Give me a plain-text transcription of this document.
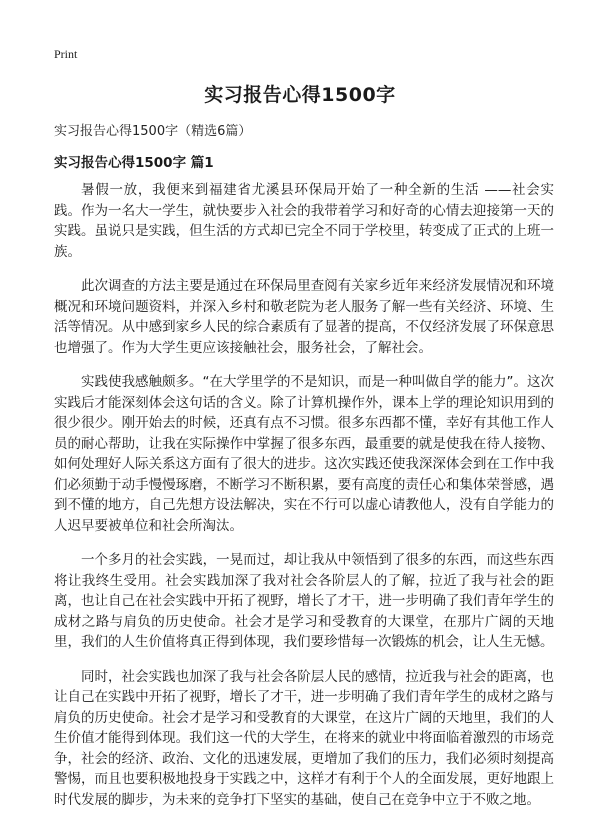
Print
实习报告心得1500字
实习报告心得1500字（精选6篇）
实习报告心得1500字 篇1

暑假一放，我便来到福建省尤溪县环保局开始了一种全新的生活 ——社会实践。作为一名大一学生，就快要步入社会的我带着学习和好奇的心情去迎接第一天的实践。虽说只是实践，但生活的方式却已完全不同于学校里，转变成了正式的上班一族。

此次调查的方法主要是通过在环保局里查阅有关家乡近年来经济发展情况和环境概况和环境问题资料，并深入乡村和敬老院为老人服务了解一些有关经济、环境、生活等情况。从中感到家乡人民的综合素质有了显著的提高，不仅经济发展了环保意思也增强了。作为大学生更应该接触社会，服务社会，了解社会。

实践使我感触颇多。“在大学里学的不是知识，而是一种叫做自学的能力”。这次实践后才能深刻体会这句话的含义。除了计算机操作外，课本上学的理论知识用到的很少很少。刚开始去的时候，还真有点不习惯。很多东西都不懂，幸好有其他工作人员的耐心帮助，让我在实际操作中掌握了很多东西，最重要的就是使我在待人接物、如何处理好人际关系这方面有了很大的进步。这次实践还使我深深体会到在工作中我们必须勤于动手慢慢琢磨，不断学习不断积累，要有高度的责任心和集体荣誉感，遇到不懂的地方，自己先想方设法解决，实在不行可以虚心请教他人，没有自学能力的人迟早要被单位和社会所淘汰。

一个多月的社会实践，一晃而过，却让我从中领悟到了很多的东西，而这些东西将让我终生受用。社会实践加深了我对社会各阶层人的了解，拉近了我与社会的距离，也让自己在社会实践中开拓了视野，增长了才干，进一步明确了我们青年学生的成材之路与肩负的历史使命。社会才是学习和受教育的大课堂，在那片广阔的天地里，我们的人生价值将真正得到体现，我们要珍惜每一次锻炼的机会，让人生无憾。

同时，社会实践也加深了我与社会各阶层人民的感情，拉近我与社会的距离，也让自己在实践中开拓了视野，增长了才干，进一步明确了我们青年学生的成材之路与肩负的历史使命。社会才是学习和受教育的大课堂，在这片广阔的天地里，我们的人生价值才能得到体现。我们这一代的大学生，在将来的就业中将面临着激烈的市场竞争，社会的经济、政治、文化的迅速发展，更增加了我们的压力，我们必须时刻提高警惕，而且也要积极地投身于实践之中，这样才有利于个人的全面发展，更好地跟上时代发展的脚步，为未来的竞争打下坚实的基础，使自己在竞争中立于不败之地。
